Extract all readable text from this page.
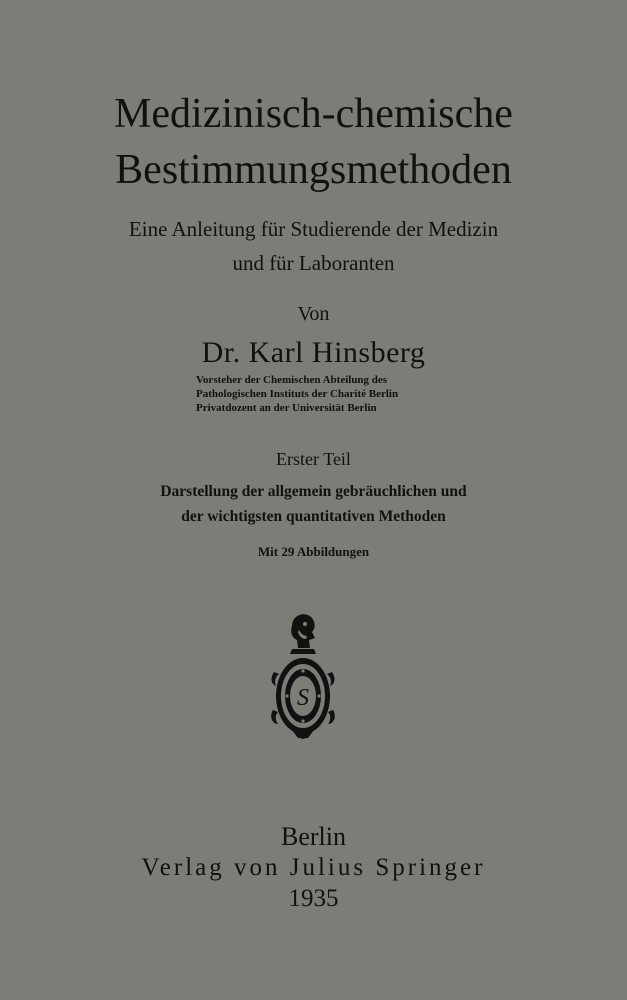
Medizinisch-chemische

Bestimmungsmethoden

Eine Anleitung für Studierende der Medizin

und für Laboranten

Von

Dr. Karl Hinsberg

Vorsteher der Chemischen Abteilung des
Pathologischen Instituts der Charité Berlin
Privatdozent an der Universität Berlin

Erster Teil

Darstellung der allgemein gebräuchlichen und

der wichtigsten quantitativen Methoden

Mit 29 Abbildungen

S

Berlin

Verlag von Julius Springer

1935
